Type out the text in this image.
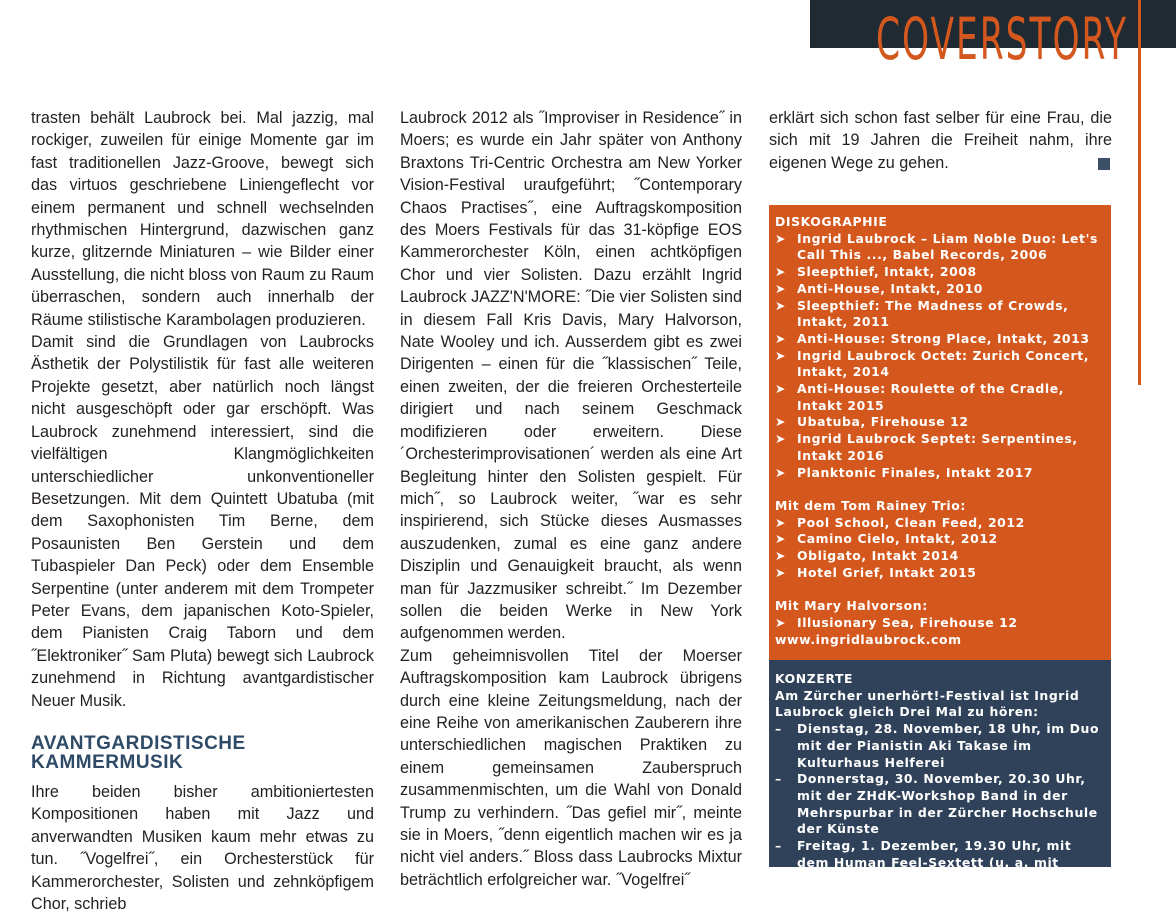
COVERSTORY

trasten behält Laubrock bei. Mal jazzig, mal rockiger, zuweilen für einige Momente gar im fast traditionellen Jazz-Groove, bewegt sich das virtuos geschriebene Liniengeflecht vor einem permanent und schnell wechselnden rhythmischen Hintergrund, dazwischen ganz kurze, glitzernde Miniaturen – wie Bilder einer Ausstellung, die nicht bloss von Raum zu Raum überraschen, sondern auch innerhalb der Räume stilistische Karambolagen produzieren.

Damit sind die Grundlagen von Laubrocks Ästhetik der Polystilistik für fast alle weiteren Projekte gesetzt, aber natürlich noch längst nicht ausgeschöpft oder gar erschöpft. Was Laubrock zunehmend interessiert, sind die vielfältigen Klangmöglichkeiten unterschiedlicher unkonventioneller Besetzungen. Mit dem Quintett Ubatuba (mit dem Saxophonisten Tim Berne, dem Posaunisten Ben Gerstein und dem Tubaspieler Dan Peck) oder dem Ensemble Serpentine (unter anderem mit dem Trompeter Peter Evans, dem japanischen Koto-Spieler, dem Pianisten Craig Taborn und dem ˝Elektroniker˝ Sam Pluta) bewegt sich Laubrock zunehmend in Richtung avantgardistischer Neuer Musik.

AVANTGARDISTISCHE
KAMMERMUSIK

Ihre beiden bisher ambitioniertesten Kompositionen haben mit Jazz und anverwandten Musiken kaum mehr etwas zu tun. ˝Vogelfrei˝, ein Orchesterstück für Kammerorchester, Solisten und zehnköpfigem Chor, schrieb

Laubrock 2012 als ˝Improviser in Residence˝ in Moers; es wurde ein Jahr später von Anthony Braxtons Tri-Centric Orchestra am New Yorker Vision-Festival uraufgeführt; ˝Contemporary Chaos Practises˝, eine Auftragskomposition des Moers Festivals für das 31-köpfige EOS Kammerorchester Köln, einen achtköpfigen Chor und vier Solisten. Dazu erzählt Ingrid Laubrock JAZZ'N'MORE: ˝Die vier Solisten sind in diesem Fall Kris Davis, Mary Halvorson, Nate Wooley und ich. Ausserdem gibt es zwei Dirigenten – einen für die ˝klassischen˝ Teile, einen zweiten, der die freieren Orchesterteile dirigiert und nach seinem Geschmack modifizieren oder erweitern. Diese ´Orchesterimprovisationen´ werden als eine Art Begleitung hinter den Solisten gespielt. Für mich˝, so Laubrock weiter, ˝war es sehr inspirierend, sich Stücke dieses Ausmasses auszudenken, zumal es eine ganz andere Disziplin und Genauigkeit braucht, als wenn man für Jazzmusiker schreibt.˝ Im Dezember sollen die beiden Werke in New York aufgenommen werden.

Zum geheimnisvollen Titel der Moerser Auftragskomposition kam Laubrock übrigens durch eine kleine Zeitungsmeldung, nach der eine Reihe von amerikanischen Zauberern ihre unterschiedlichen magischen Praktiken zu einem gemeinsamen Zauberspruch zusammenmischten, um die Wahl von Donald Trump zu verhindern. ˝Das gefiel mir˝, meinte sie in Moers, ˝denn eigentlich machen wir es ja nicht viel anders.˝ Bloss dass Laubrocks Mixtur beträchtlich erfolgreicher war. ˝Vogelfrei˝

erklärt sich schon fast selber für eine Frau, die sich mit 19 Jahren die Freiheit nahm, ihre eigenen Wege zu gehen.

DISKOGRAPHIE

➤ Ingrid Laubrock – Liam Noble Duo: Let's Call This ..., Babel Records, 2006
➤ Sleepthief, Intakt, 2008
➤ Anti-House, Intakt, 2010
➤ Sleepthief: The Madness of Crowds, Intakt, 2011
➤ Anti-House: Strong Place, Intakt, 2013
➤ Ingrid Laubrock Octet: Zurich Concert, Intakt, 2014
➤ Anti-House: Roulette of the Cradle, Intakt 2015
➤ Ubatuba, Firehouse 12
➤ Ingrid Laubrock Septet: Serpentines, Intakt 2016
➤ Planktonic Finales, Intakt 2017

Mit dem Tom Rainey Trio:

➤ Pool School, Clean Feed, 2012
➤ Camino Cielo, Intakt, 2012
➤ Obligato, Intakt 2014
➤ Hotel Grief, Intakt 2015

Mit Mary Halvorson:

➤ Illusionary Sea, Firehouse 12

www.ingridlaubrock.com

KONZERTE

Am Zürcher unerhört!-Festival ist Ingrid Laubrock gleich Drei Mal zu hören:

– Dienstag, 28. November, 18 Uhr, im Duo mit der Pianistin Aki Takase im Kulturhaus Helferei
– Donnerstag, 30. November, 20.30 Uhr, mit der ZHdK-Workshop Band in der Mehrspurbar in der Zürcher Hochschule der Künste
– Freitag, 1. Dezember, 19.30 Uhr, mit dem Human Feel-Sextett (u. a. mit William Parker und Hamid Drake) Clubraum der Roten Fabrik
